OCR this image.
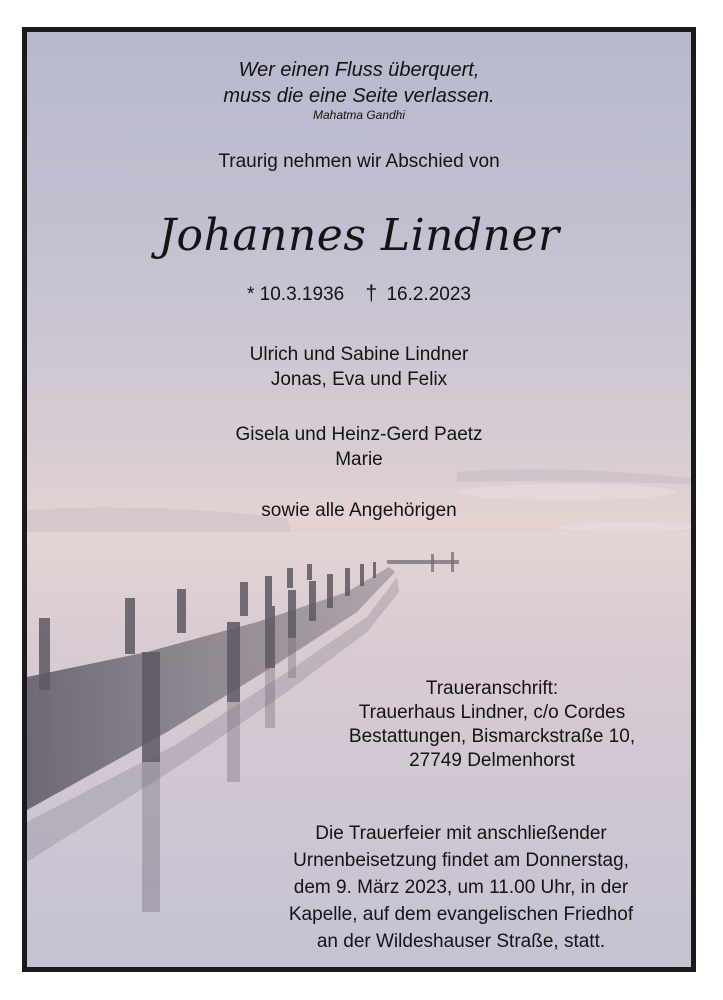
Wer einen Fluss überquert,
muss die eine Seite verlassen.
Mahatma Gandhi
Traurig nehmen wir Abschied von
Johannes Lindner
* 10.3.1936 † 16.2.2023
Ulrich und Sabine Lindner
Jonas, Eva und Felix
Gisela und Heinz-Gerd Paetz
Marie
sowie alle Angehörigen
Traueranschrift:
Trauerhaus Lindner, c/o Cordes
Bestattungen, Bismarckstraße 10,
27749 Delmenhorst
Die Trauerfeier mit anschließender
Urnenbeisetzung findet am Donnerstag,
dem 9. März 2023, um 11.00 Uhr, in der
Kapelle, auf dem evangelischen Friedhof
an der Wildeshauser Straße, statt.
